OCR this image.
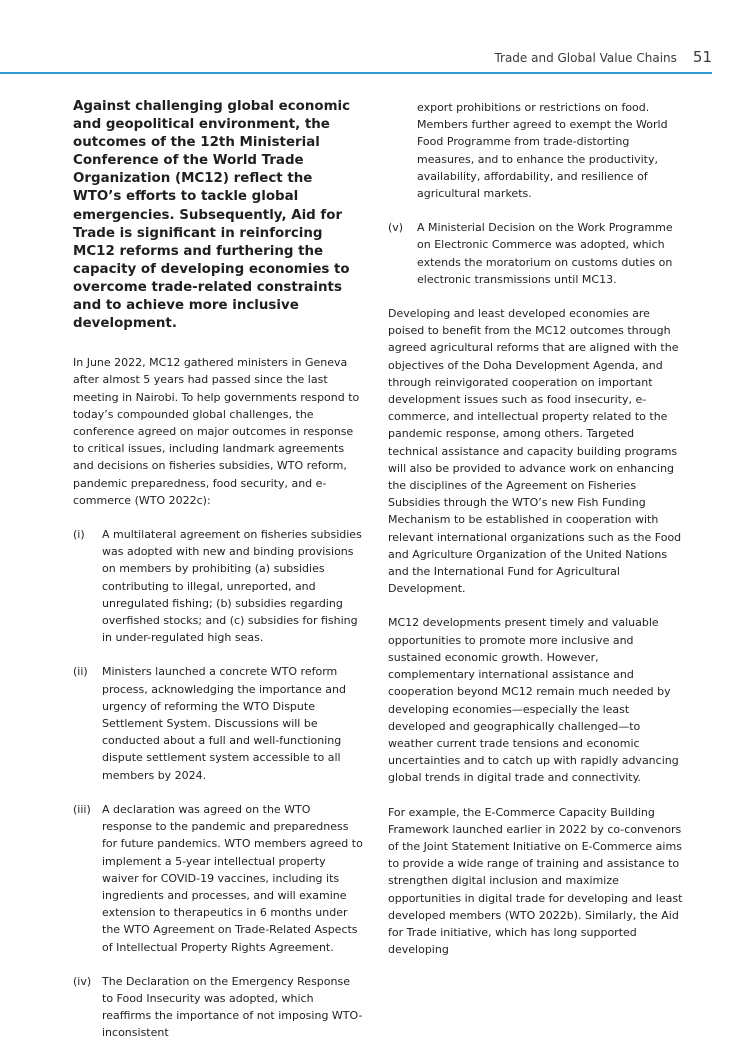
Trade and Global Value Chains 51

Against challenging global economic and geopolitical environment, the outcomes of the 12th Ministerial Conference of the World Trade Organization (MC12) reflect the WTO’s efforts to tackle global emergencies. Subsequently, Aid for Trade is significant in reinforcing MC12 reforms and furthering the capacity of developing economies to overcome trade-related constraints and to achieve more inclusive development.

In June 2022, MC12 gathered ministers in Geneva after almost 5 years had passed since the last meeting in Nairobi. To help governments respond to today’s compounded global challenges, the conference agreed on major outcomes in response to critical issues, including landmark agreements and decisions on fisheries subsidies, WTO reform, pandemic preparedness, food security, and e-commerce (WTO 2022c):

(i)	A multilateral agreement on fisheries subsidies was adopted with new and binding provisions on members by prohibiting (a) subsidies contributing to illegal, unreported, and unregulated fishing; (b) subsidies regarding overfished stocks; and (c) subsidies for fishing in under-regulated high seas.
(ii)	Ministers launched a concrete WTO reform process, acknowledging the importance and urgency of reforming the WTO Dispute Settlement System. Discussions will be conducted about a full and well-functioning dispute settlement system accessible to all members by 2024.
(iii)	A declaration was agreed on the WTO response to the pandemic and preparedness for future pandemics. WTO members agreed to implement a 5-year intellectual property waiver for COVID-19 vaccines, including its ingredients and processes, and will examine extension to therapeutics in 6 months under the WTO Agreement on Trade-Related Aspects of Intellectual Property Rights Agreement.
(iv) The Declaration on the Emergency Response to Food Insecurity was adopted, which reaffirms the importance of not imposing WTO-inconsistent

export prohibitions or restrictions on food. Members further agreed to exempt the World Food Programme from trade-distorting measures, and to enhance the productivity, availability, affordability, and resilience of agricultural markets.

(v)	A Ministerial Decision on the Work Programme on Electronic Commerce was adopted, which extends the moratorium on customs duties on electronic transmissions until MC13.

Developing and least developed economies are poised to benefit from the MC12 outcomes through agreed agricultural reforms that are aligned with the objectives of the Doha Development Agenda, and through reinvigorated cooperation on important development issues such as food insecurity, e-commerce, and intellectual property related to the pandemic response, among others. Targeted technical assistance and capacity building programs will also be provided to advance work on enhancing the disciplines of the Agreement on Fisheries Subsidies through the WTO’s new Fish Funding Mechanism to be established in cooperation with relevant international organizations such as the Food and Agriculture Organization of the United Nations and the International Fund for Agricultural Development.

MC12 developments present timely and valuable opportunities to promote more inclusive and sustained economic growth. However, complementary international assistance and cooperation beyond MC12 remain much needed by developing economies—especially the least developed and geographically challenged—to weather current trade tensions and economic uncertainties and to catch up with rapidly advancing global trends in digital trade and connectivity.

For example, the E-Commerce Capacity Building Framework launched earlier in 2022 by co-convenors of the Joint Statement Initiative on E-Commerce aims to provide a wide range of training and assistance to strengthen digital inclusion and maximize opportunities in digital trade for developing and least developed members (WTO 2022b). Similarly, the Aid for Trade initiative, which has long supported developing
